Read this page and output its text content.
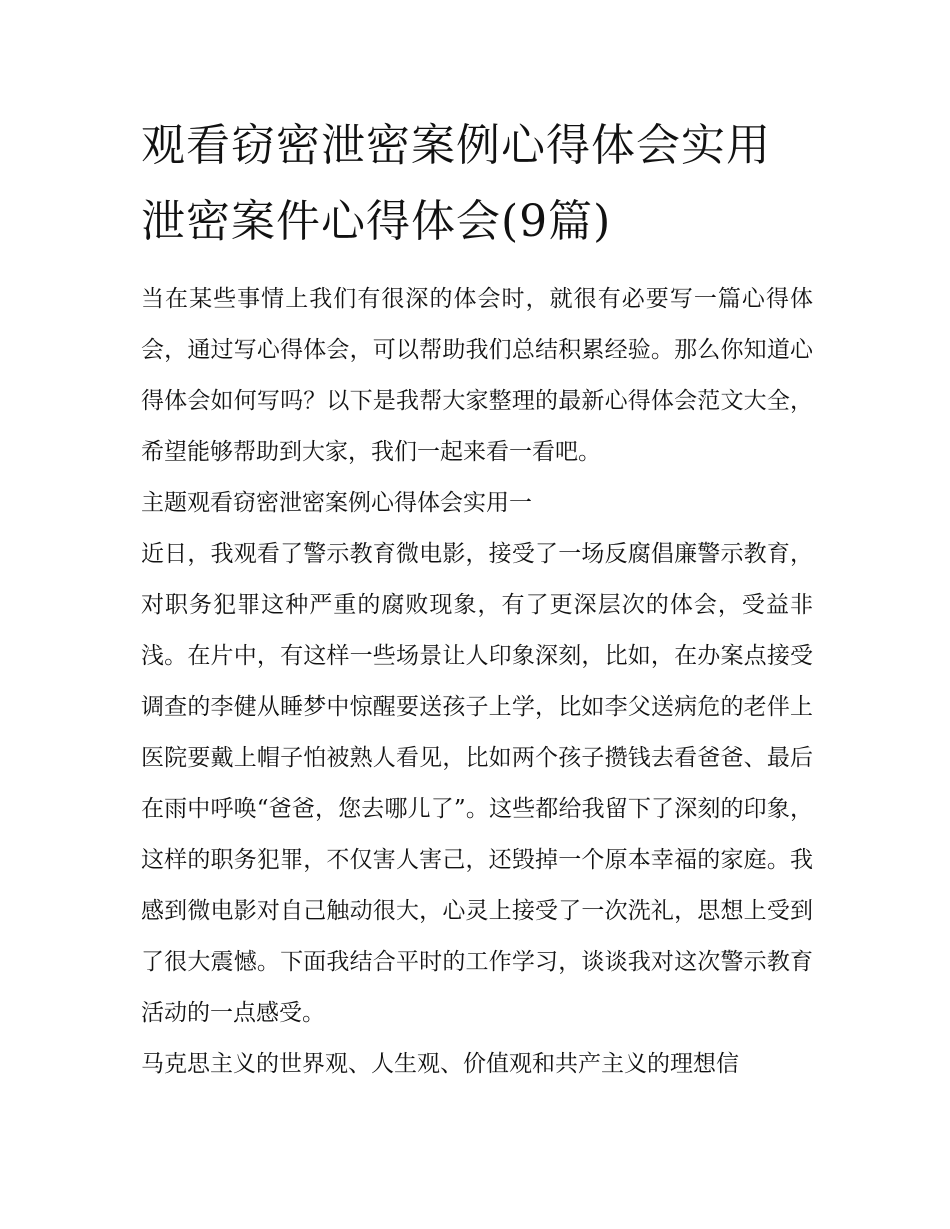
观看窃密泄密案例心得体会实用 泄密案件心得体会(9篇)

当在某些事情上我们有很深的体会时，就很有必要写一篇心得体会，通过写心得体会，可以帮助我们总结积累经验。那么你知道心得体会如何写吗？以下是我帮大家整理的最新心得体会范文大全，希望能够帮助到大家，我们一起来看一看吧。

主题观看窃密泄密案例心得体会实用一

近日，我观看了警示教育微电影，接受了一场反腐倡廉警示教育，对职务犯罪这种严重的腐败现象，有了更深层次的体会，受益非浅。在片中，有这样一些场景让人印象深刻，比如，在办案点接受调查的李健从睡梦中惊醒要送孩子上学，比如李父送病危的老伴上医院要戴上帽子怕被熟人看见，比如两个孩子攒钱去看爸爸、最后在雨中呼唤“爸爸，您去哪儿了”。这些都给我留下了深刻的印象，这样的职务犯罪，不仅害人害己，还毁掉一个原本幸福的家庭。我感到微电影对自己触动很大，心灵上接受了一次洗礼，思想上受到了很大震憾。下面我结合平时的工作学习，谈谈我对这次警示教育活动的一点感受。

马克思主义的世界观、人生观、价值观和共产主义的理想信
